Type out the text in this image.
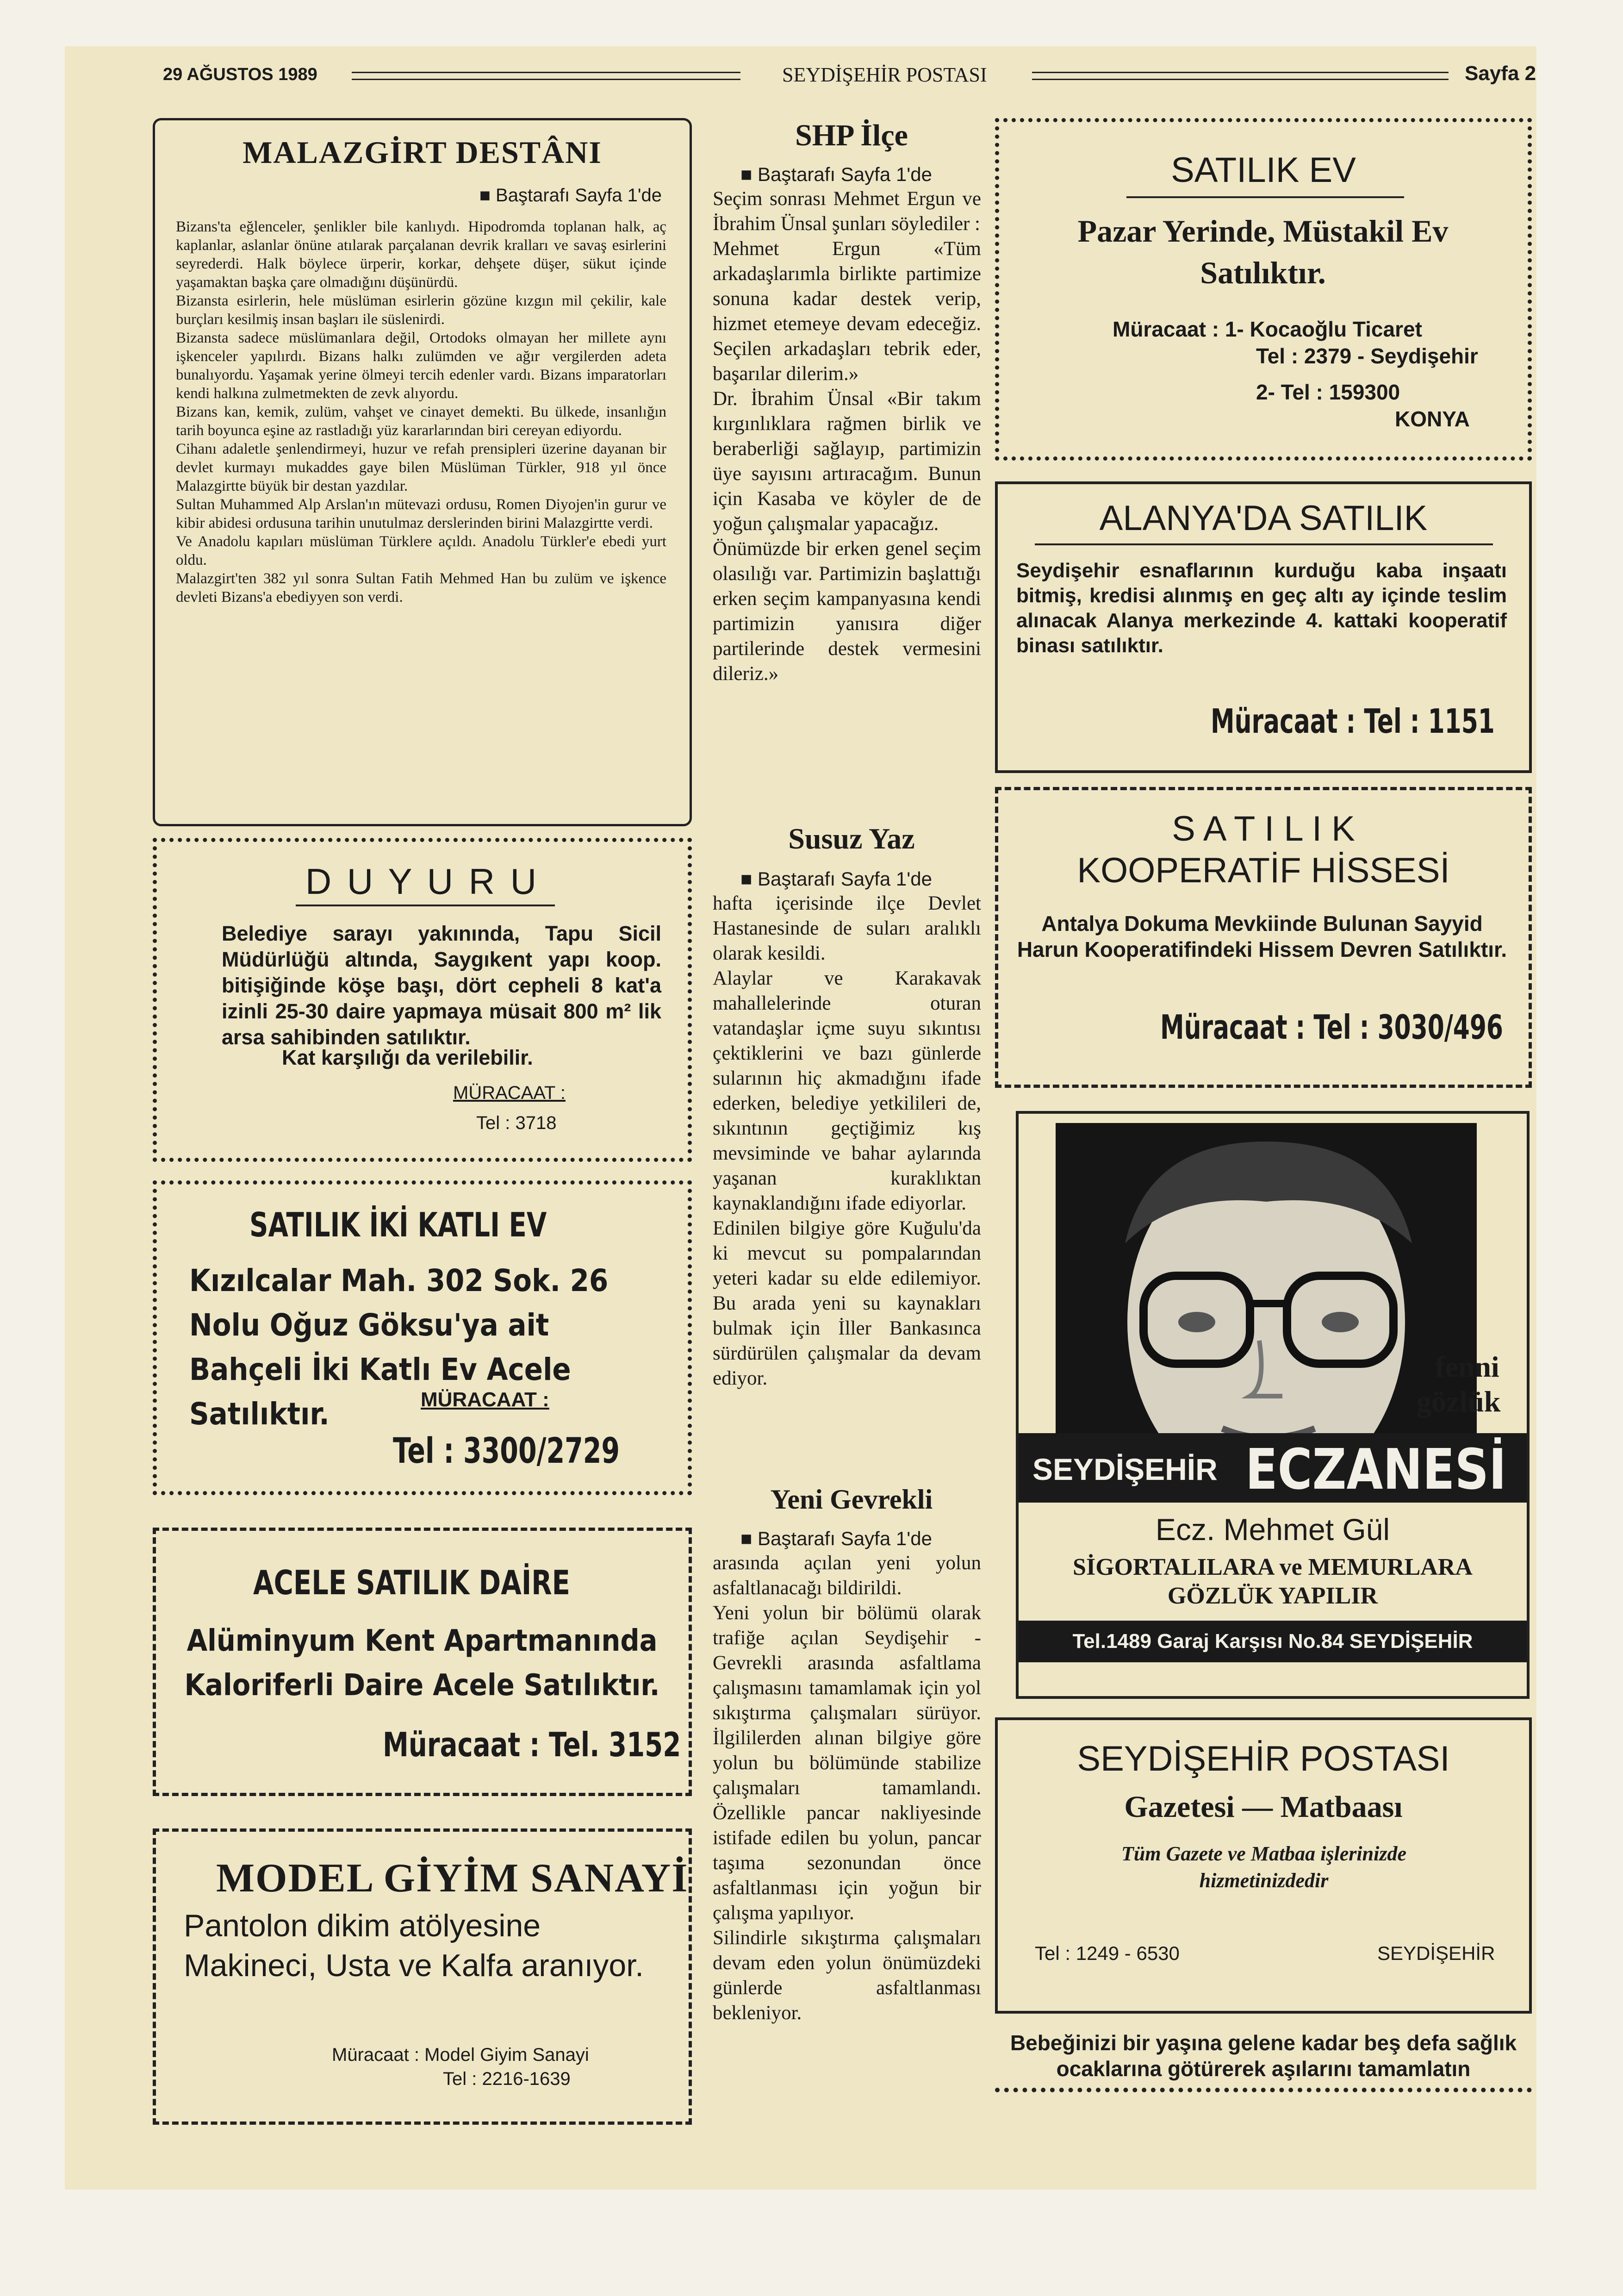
29 AĞUSTOS 1989	SEYDİŞEHİR POSTASI	Sayfa 2
MALAZGİRT DESTÂNI
■ Baştarafı Sayfa 1'de
Bizans'ta eğlenceler, şenlikler bile kanlıydı. Hipodromda toplanan halk, aç kaplanlar, aslanlar önüne atılarak parçalanan devrik kralları ve savaş esirlerini seyrederdi. Halk böylece ürperir, korkar, dehşete düşer, sükut içinde yaşamaktan başka çare olmadığını düşünürdü.
Bizansta esirlerin, hele müslüman esirlerin gözüne kızgın mil çekilir, kale burçları kesilmiş insan başları ile süslenirdi.
Bizansta sadece müslümanlara değil, Ortodoks olmayan her millete aynı işkenceler yapılırdı. Bizans halkı zulümden ve ağır vergilerden adeta bunalıyordu. Yaşamak yerine ölmeyi tercih edenler vardı. Bizans imparatorları kendi halkına zulmetmekten de zevk alıyordu.
Bizans kan, kemik, zulüm, vahşet ve cinayet demekti. Bu ülkede, insanlığın tarih boyunca eşine az rastladığı yüz kararlarından biri cereyan ediyordu.
Cihanı adaletle şenlendirmeyi, huzur ve refah prensipleri üzerine dayanan bir devlet kurmayı mukaddes gaye bilen Müslüman Türkler, 918 yıl önce Malazgirtte büyük bir destan yazdılar.
Sultan Muhammed Alp Arslan'ın mütevazi ordusu, Romen Diyojen'in gurur ve kibir abidesi ordusuna tarihin unutulmaz derslerinden birini Malazgirtte verdi.
Ve Anadolu kapıları müslüman Türklere açıldı. Anadolu Türkler'e ebedi yurt oldu.
Malazgirt'ten 382 yıl sonra Sultan Fatih Mehmed Han bu zulüm ve işkence devleti Bizans'a ebediyyen son verdi.
D U Y U R U
Belediye sarayı yakınında, Tapu Sicil Müdürlüğü altında, Saygıkent yapı koop. bitişiğinde köşe başı, dört cepheli 8 kat'a izinli 25-30 daire yapmaya müsait 800 m² lik arsa sahibinden satılıktır.
Kat karşılığı da verilebilir.
MÜRACAAT :
Tel : 3718
SATILIK İKİ KATLI EV
Kızılcalar Mah. 302 Sok. 26 Nolu Oğuz Göksu'ya ait Bahçeli İki Katlı Ev Acele Satılıktır.	MÜRACAAT :
Tel : 3300/2729
ACELE SATILIK DAİRE
Alüminyum Kent Apartmanında Kaloriferli Daire Acele Satılıktır.
Müracaat : Tel. 3152
MODEL GİYİM SANAYİ
Pantolon dikim atölyesine Makineci, Usta ve Kalfa aranıyor.
Müracaat : Model Giyim Sanayi
Tel : 2216-1639
SHP İlçe
■ Baştarafı Sayfa 1'de
Seçim sonrası Mehmet Ergun ve İbrahim Ünsal şunları söylediler :
Mehmet Ergun «Tüm arkadaşlarımla birlikte partimize sonuna kadar destek verip, hizmet etemeye devam edeceğiz. Seçilen arkadaşları tebrik eder, başarılar dilerim.»
Dr. İbrahim Ünsal «Bir takım kırgınlıklara rağmen birlik ve beraberliği sağlayıp, partimizin üye sayısını artıracağım. Bunun için Kasaba ve köyler de de yoğun çalışmalar yapacağız.
Önümüzde bir erken genel seçim olasılığı var. Partimizin başlattığı erken seçim kampanyasına kendi partimizin yanısıra diğer partilerinde destek vermesini dileriz.»
Susuz Yaz
■ Baştarafı Sayfa 1'de
hafta içerisinde ilçe Devlet Hastanesinde de suları aralıklı olarak kesildi.
Alaylar ve Karakavak mahallelerinde oturan vatandaşlar içme suyu sıkıntısı çektiklerini ve bazı günlerde sularının hiç akmadığını ifade ederken, belediye yetkilileri de, sıkıntının geçtiğimiz kış mevsiminde ve bahar aylarında yaşanan kuraklıktan kaynaklandığını ifade ediyorlar.
Edinilen bilgiye göre Kuğulu'da ki mevcut su pompalarından yeteri kadar su elde edilemiyor. Bu arada yeni su kaynakları bulmak için İller Bankasınca sürdürülen çalışmalar da devam ediyor.
Yeni Gevrekli
■ Baştarafı Sayfa 1'de
arasında açılan yeni yolun asfaltlanacağı bildirildi.
Yeni yolun bir bölümü olarak trafiğe açılan Seydişehir - Gevrekli arasında asfaltlama çalışmasını tamamlamak için yol sıkıştırma çalışmaları sürüyor. İlgililerden alınan bilgiye göre yolun bu bölümünde stabilize çalışmaları tamamlandı. Özellikle pancar nakliyesinde istifade edilen bu yolun, pancar taşıma sezonundan önce asfaltlanması için yoğun bir çalışma yapılıyor.
Silindirle sıkıştırma çalışmaları devam eden yolun önümüzdeki günlerde asfaltlanması bekleniyor.
SATILIK EV
Pazar Yerinde, Müstakil Ev Satılıktır.
Müracaat : 1- Kocaoğlu Ticaret
Tel : 2379 - Seydişehir
2- Tel : 159300
KONYA
ALANYA'DA SATILIK
Seydişehir esnaflarının kurduğu kaba inşaatı bitmiş, kredisi alınmış en geç altı ay içinde teslim alınacak Alanya merkezinde 4. kattaki kooperatif binası satılıktır.
Müracaat : Tel : 1151
S A T I L I K
KOOPERATİF HİSSESİ
Antalya Dokuma Mevkiinde Bulunan Sayyid Harun Kooperatifindeki Hissem Devren Satılıktır.
Müracaat : Tel : 3030/496
fenni
gözlük
SEYDİŞEHİR ECZANESİ
Ecz. Mehmet Gül
SİGORTALILARA ve MEMURLARA
GÖZLÜK YAPILIR
Tel.1489 Garaj Karşısı No.84 SEYDİŞEHİR
SEYDİŞEHİR POSTASI
Gazetesi — Matbaası
Tüm Gazete ve Matbaa işlerinizde hizmetinizdedir
Tel : 1249 - 6530	SEYDİŞEHİR
Bebeğinizi bir yaşına gelene kadar beş defa sağlık ocaklarına götürerek aşılarını tamamlatın
